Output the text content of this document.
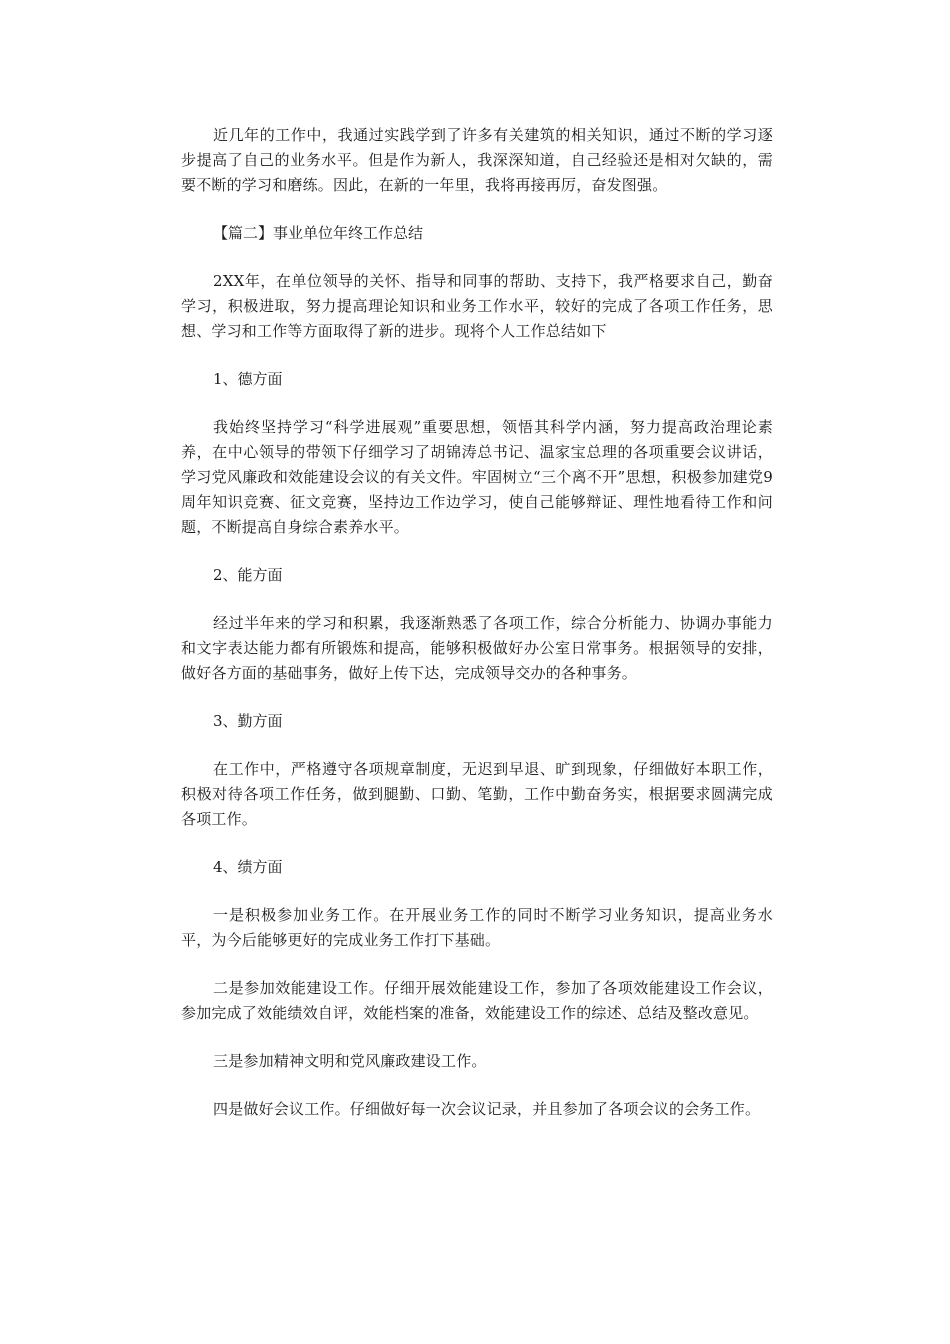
近几年的工作中，我通过实践学到了许多有关建筑的相关知识，通过不断的学习逐步提高了自己的业务水平。但是作为新人，我深深知道，自己经验还是相对欠缺的，需要不断的学习和磨练。因此，在新的一年里，我将再接再厉，奋发图强。

【篇二】事业单位年终工作总结

2XX年，在单位领导的关怀、指导和同事的帮助、支持下，我严格要求自己，勤奋学习，积极进取，努力提高理论知识和业务工作水平，较好的完成了各项工作任务，思想、学习和工作等方面取得了新的进步。现将个人工作总结如下

1、德方面

我始终坚持学习“科学进展观”重要思想，领悟其科学内涵，努力提高政治理论素养，在中心领导的带领下仔细学习了胡锦涛总书记、温家宝总理的各项重要会议讲话，学习党风廉政和效能建设会议的有关文件。牢固树立“三个离不开”思想，积极参加建党9周年知识竞赛、征文竞赛，坚持边工作边学习，使自己能够辩证、理性地看待工作和问题，不断提高自身综合素养水平。

2、能方面

经过半年来的学习和积累，我逐渐熟悉了各项工作，综合分析能力、协调办事能力和文字表达能力都有所锻炼和提高，能够积极做好办公室日常事务。根据领导的安排，做好各方面的基础事务，做好上传下达，完成领导交办的各种事务。

3、勤方面

在工作中，严格遵守各项规章制度，无迟到早退、旷到现象，仔细做好本职工作，积极对待各项工作任务，做到腿勤、口勤、笔勤，工作中勤奋务实，根据要求圆满完成各项工作。

4、绩方面

一是积极参加业务工作。在开展业务工作的同时不断学习业务知识，提高业务水平，为今后能够更好的完成业务工作打下基础。

二是参加效能建设工作。仔细开展效能建设工作，参加了各项效能建设工作会议，参加完成了效能绩效自评，效能档案的准备，效能建设工作的综述、总结及整改意见。

三是参加精神文明和党风廉政建设工作。

四是做好会议工作。仔细做好每一次会议记录，并且参加了各项会议的会务工作。
